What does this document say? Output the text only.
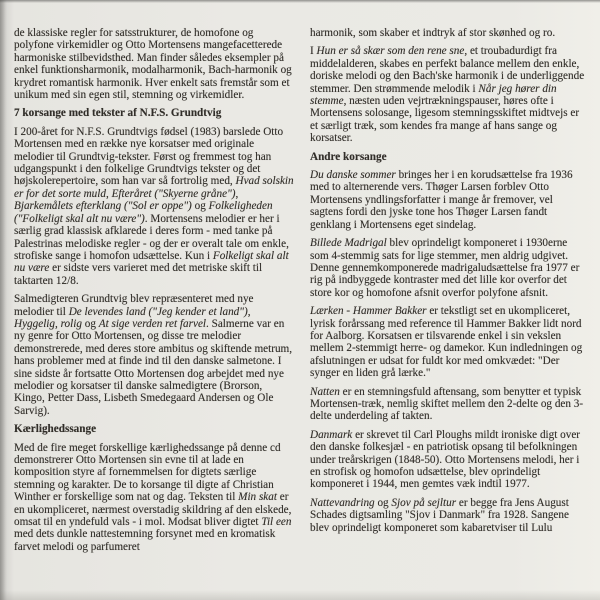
de klassiske regler for satsstrukturer, de homofone og polyfone virkemidler og Otto Mortensens mangefacetterede harmoniske stilbevidsthed. Man finder således eksempler på enkel funktionsharmonik, modalharmonik, Bach-harmonik og krydret romantisk harmonik. Hver enkelt sats fremstår som et unikum med sin egen stil, stemning og virkemidler.

7 korsange med tekster af N.F.S. Grundtvig

I 200-året for N.F.S. Grundtvigs fødsel (1983) barslede Otto Mortensen med en række nye korsatser med originale melodier til Grundtvig-tekster. Først og fremmest tog han udgangspunkt i den folkelige Grundtvigs tekster og det højskolerepertoire, som han var så fortrolig med, Hvad solskin er for det sorte muld, Efteråret ("Skyerne gråne"), Bjarkemålets efterklang ("Sol er oppe") og Folkeligheden ("Folkeligt skal alt nu være"). Mortensens melodier er her i særlig grad klassisk afklarede i deres form - med tanke på Palestrinas melodiske regler - og der er overalt tale om enkle, strofiske sange i homofon udsættelse. Kun i Folkeligt skal alt nu være er sidste vers varieret med det metriske skift til taktarten 12/8.

Salmedigteren Grundtvig blev repræsenteret med nye melodier til De levendes land ("Jeg kender et land"), Hyggelig, rolig og At sige verden ret farvel. Salmerne var en ny genre for Otto Mortensen, og disse tre melodier demonstrerede, med deres store ambitus og skiftende metrum, hans problemer med at finde ind til den danske salmetone. I sine sidste år fortsatte Otto Mortensen dog arbejdet med nye melodier og korsatser til danske salmedigtere (Brorson, Kingo, Petter Dass, Lisbeth Smedegaard Andersen og Ole Sarvig).

Kærlighedssange

Med de fire meget forskellige kærlighedssange på denne cd demonstrerer Otto Mortensen sin evne til at lade en komposition styre af fornemmelsen for digtets særlige stemning og karakter. De to korsange til digte af Christian Winther er forskellige som nat og dag. Teksten til Min skat er en ukompliceret, nærmest overstadig skildring af den elskede, omsat til en yndefuld vals - i mol. Modsat bliver digtet Til een med dets dunkle nattestemning forsynet med en kromatisk farvet melodi og parfumeret

harmonik, som skaber et indtryk af stor skønhed og ro.

I Hun er så skær som den rene sne, et troubadurdigt fra middelalderen, skabes en perfekt balance mellem den enkle, doriske melodi og den Bach'ske harmonik i de underliggende stemmer. Den strømmende melodik i Når jeg hører din stemme, næsten uden vejrtrækningspauser, høres ofte i Mortensens solosange, ligesom stemningsskiftet midtvejs er et særligt træk, som kendes fra mange af hans sange og korsatser.

Andre korsange

Du danske sommer bringes her i en korudsættelse fra 1936 med to alternerende vers. Thøger Larsen forblev Otto Mortensens yndlingsforfatter i mange år fremover, vel sagtens fordi den jyske tone hos Thøger Larsen fandt genklang i Mortensens eget sindelag.

Billede Madrigal blev oprindeligt komponeret i 1930erne som 4-stemmig sats for lige stemmer, men aldrig udgivet. Denne gennemkomponerede madrigaludsættelse fra 1977 er rig på indbyggede kontraster med det lille kor overfor det store kor og homofone afsnit overfor polyfone afsnit.

Lærken - Hammer Bakker er tekstligt set en ukompliceret, lyrisk forårssang med reference til Hammer Bakker lidt nord for Aalborg. Korsatsen er tilsvarende enkel i sin vekslen mellem 2-stemmigt herre- og damekor. Kun indledningen og afslutningen er udsat for fuldt kor med omkvædet: "Der synger en liden grå lærke."

Natten er en stemningsfuld aftensang, som benytter et typisk Mortensen-træk, nemlig skiftet mellem den 2-delte og den 3-delte underdeling af takten.

Danmark er skrevet til Carl Ploughs mildt ironiske digt over den danske folkesjæl - en patriotisk opsang til befolkningen under treårskrigen (1848-50). Otto Mortensens melodi, her i en strofisk og homofon udsættelse, blev oprindeligt komponeret i 1944, men gemtes væk indtil 1977.

Nattevandring og Sjov på sejltur er begge fra Jens August Schades digtsamling "Sjov i Danmark" fra 1928. Sangene blev oprindeligt komponeret som kabaretviser til Lulu
